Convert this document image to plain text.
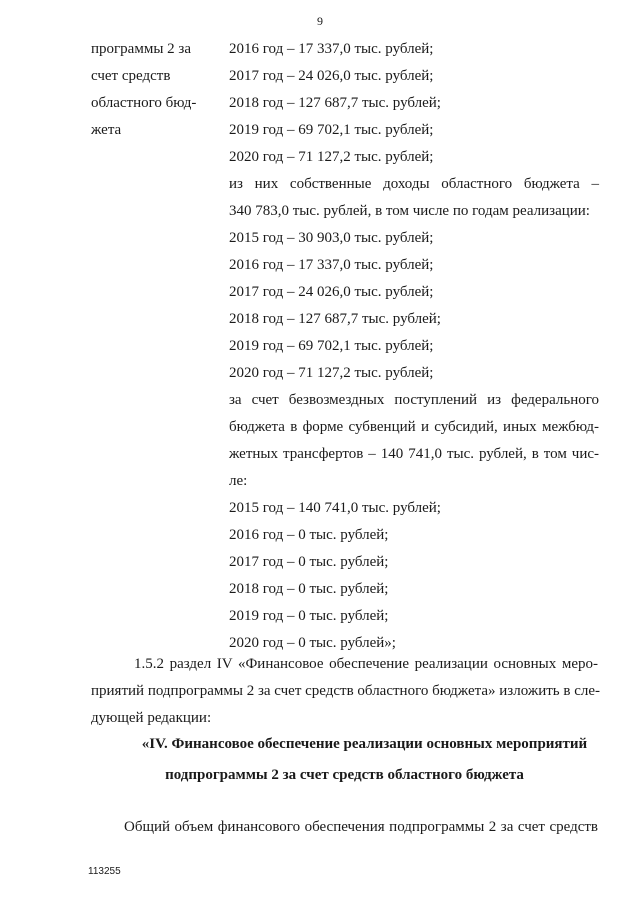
9
программы 2 за
счет средств
областного бюд-
жета
2016 год – 17 337,0 тыс. рублей;
2017 год – 24 026,0 тыс. рублей;
2018 год – 127 687,7 тыс. рублей;
2019 год – 69 702,1 тыс. рублей;
2020 год – 71 127,2 тыс. рублей;
из них собственные доходы областного бюджета –
340 783,0 тыс. рублей, в том числе по годам реализации:
2015 год – 30 903,0 тыс. рублей;
2016 год – 17 337,0 тыс. рублей;
2017 год – 24 026,0 тыс. рублей;
2018 год – 127 687,7 тыс. рублей;
2019 год – 69 702,1 тыс. рублей;
2020 год – 71 127,2 тыс. рублей;
за счет безвозмездных поступлений из федерального
бюджета в форме субвенций и субсидий, иных межбюд-
жетных трансфертов – 140 741,0 тыс. рублей, в том чис-
ле:
2015 год – 140 741,0 тыс. рублей;
2016 год – 0 тыс. рублей;
2017 год – 0 тыс. рублей;
2018 год – 0 тыс. рублей;
2019 год – 0 тыс. рублей;
2020 год – 0 тыс. рублей»;
1.5.2 раздел IV «Финансовое обеспечение реализации основных меро-
приятий подпрограммы 2 за счет средств областного бюджета» изложить в сле-
дующей редакции:
«IV. Финансовое обеспечение реализации основных мероприятий
подпрограммы 2 за счет средств областного бюджета
Общий объем финансового обеспечения подпрограммы 2 за счет средств
113255
